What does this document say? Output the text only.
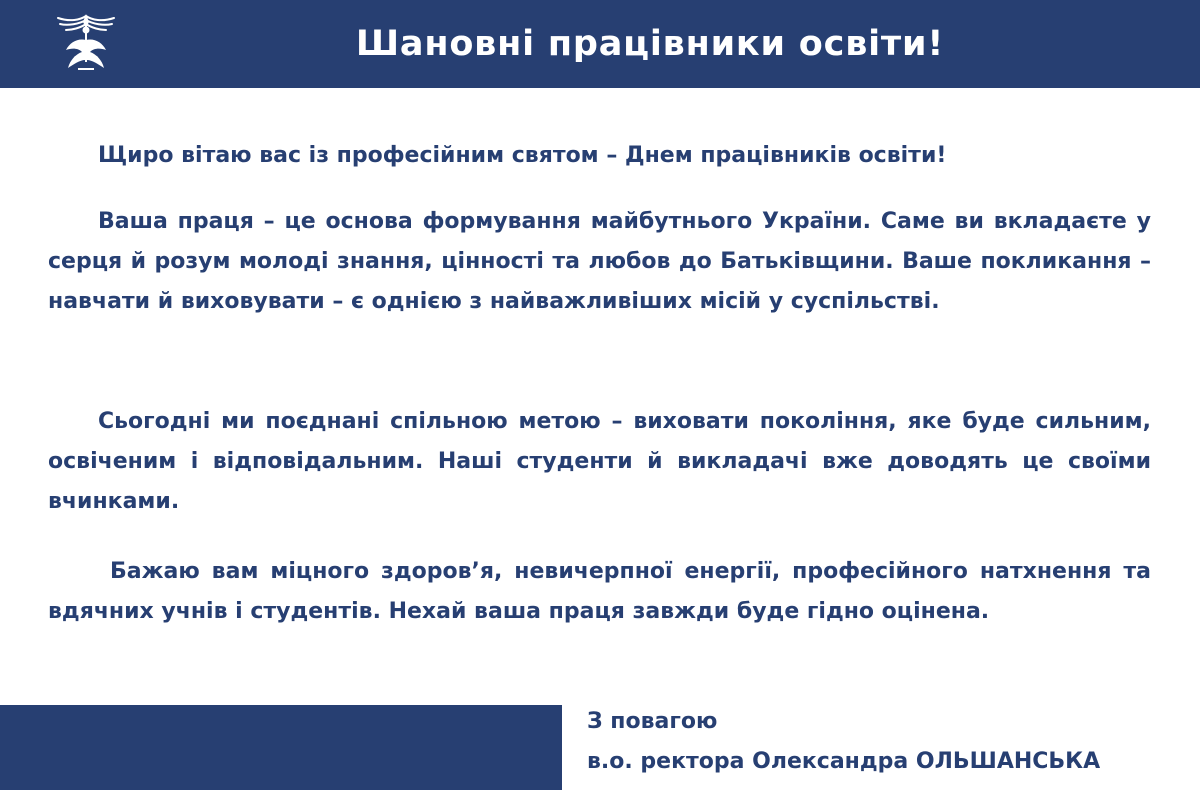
Шановні працівники освіти!

Щиро вітаю вас із професійним святом – Днем працівників освіти!

Ваша праця – це основа формування майбутнього України. Саме ви вкладаєте у серця й розум молоді знання, цінності та любов до Батьківщини. Ваше покликання – навчати й виховувати – є однією з найважливіших місій у суспільстві.

Сьогодні ми поєднані спільною метою – виховати покоління, яке буде сильним, освіченим і відповідальним. Наші студенти й викладачі вже доводять це своїми вчинками.

Бажаю вам міцного здоров’я, невичерпної енергії, професійного натхнення та вдячних учнів і студентів. Нехай ваша праця завжди буде гідно оцінена.

З повагою
в.о. ректора Олександра ОЛЬШАНСЬКА
